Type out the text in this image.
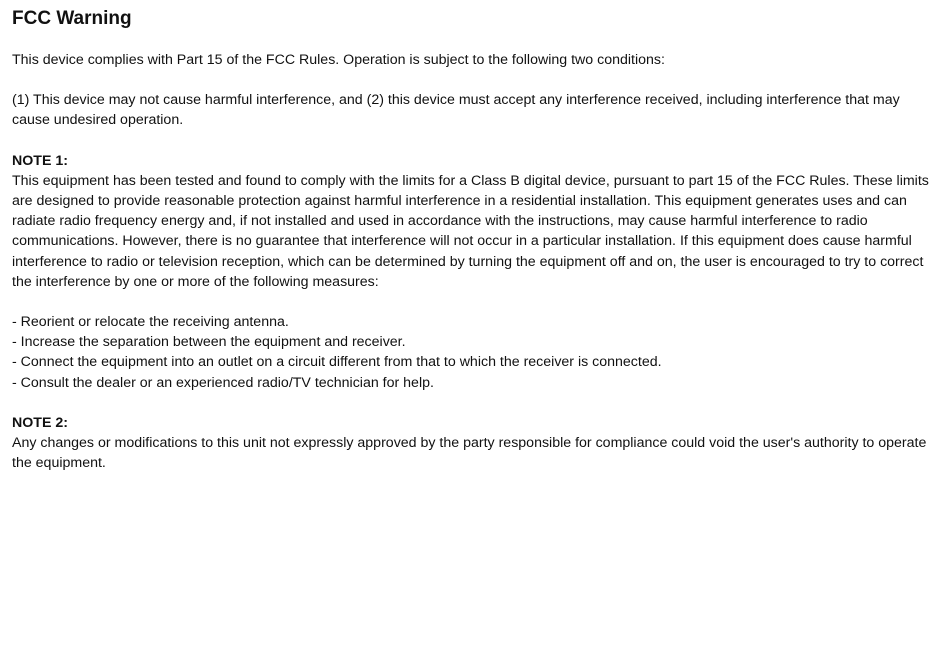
FCC Warning

This device complies with Part 15 of the FCC Rules. Operation is subject to the following two conditions:

(1) This device may not cause harmful interference, and (2) this device must accept any interference received, including interference that may cause undesired operation.

NOTE 1:

This equipment has been tested and found to comply with the limits for a Class B digital device, pursuant to part 15 of the FCC Rules. These limits are designed to provide reasonable protection against harmful interference in a residential installation. This equipment generates uses and can radiate radio frequency energy and, if not installed and used in accordance with the instructions, may cause harmful interference to radio communications. However, there is no guarantee that interference will not occur in a particular installation. If this equipment does cause harmful interference to radio or television reception, which can be determined by turning the equipment off and on, the user is encouraged to try to correct the interference by one or more of the following measures:

- Reorient or relocate the receiving antenna.
- Increase the separation between the equipment and receiver.
- Connect the equipment into an outlet on a circuit different from that to which the receiver is connected.
- Consult the dealer or an experienced radio/TV technician for help.

NOTE 2:

Any changes or modifications to this unit not expressly approved by the party responsible for compliance could void the user's authority to operate the equipment.
